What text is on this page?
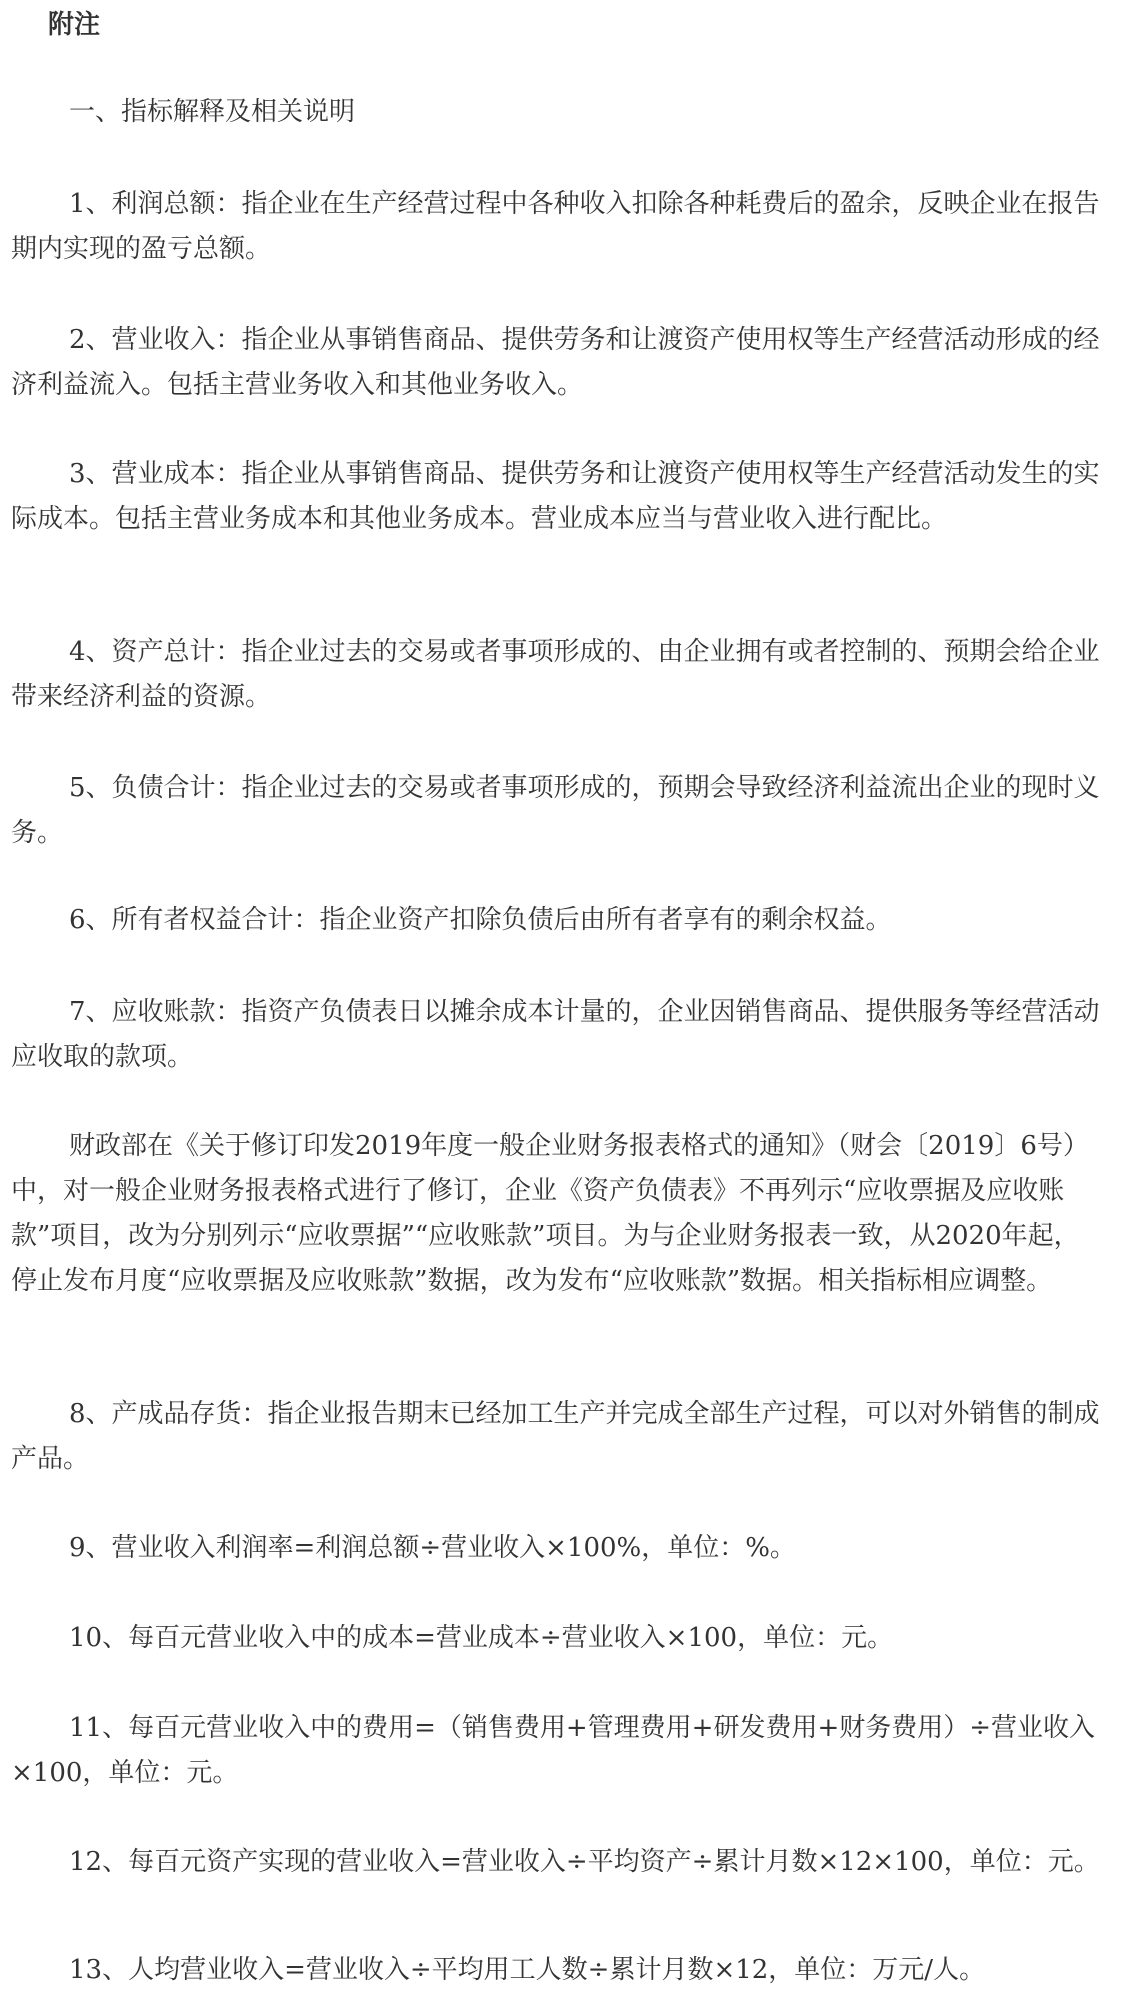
附注

一、指标解释及相关说明

1、利润总额：指企业在生产经营过程中各种收入扣除各种耗费后的盈余，反映企业在报告期内实现的盈亏总额。

2、营业收入：指企业从事销售商品、提供劳务和让渡资产使用权等生产经营活动形成的经济利益流入。包括主营业务收入和其他业务收入。

3、营业成本：指企业从事销售商品、提供劳务和让渡资产使用权等生产经营活动发生的实际成本。包括主营业务成本和其他业务成本。营业成本应当与营业收入进行配比。

4、资产总计：指企业过去的交易或者事项形成的、由企业拥有或者控制的、预期会给企业带来经济利益的资源。

5、负债合计：指企业过去的交易或者事项形成的，预期会导致经济利益流出企业的现时义务。

6、所有者权益合计：指企业资产扣除负债后由所有者享有的剩余权益。

7、应收账款：指资产负债表日以摊余成本计量的，企业因销售商品、提供服务等经营活动应收取的款项。

财政部在《关于修订印发2019年度一般企业财务报表格式的通知》（财会〔2019〕6号）中，对一般企业财务报表格式进行了修订，企业《资产负债表》不再列示“应收票据及应收账款”项目，改为分别列示“应收票据”“应收账款”项目。为与企业财务报表一致，从2020年起，停止发布月度“应收票据及应收账款”数据，改为发布“应收账款”数据。相关指标相应调整。

8、产成品存货：指企业报告期末已经加工生产并完成全部生产过程，可以对外销售的制成产品。

9、营业收入利润率=利润总额÷营业收入×100%，单位：%。

10、每百元营业收入中的成本=营业成本÷营业收入×100，单位：元。

11、每百元营业收入中的费用=（销售费用+管理费用+研发费用+财务费用）÷营业收入×100，单位：元。

12、每百元资产实现的营业收入=营业收入÷平均资产÷累计月数×12×100，单位：元。

13、人均营业收入=营业收入÷平均用工人数÷累计月数×12，单位：万元/人。
